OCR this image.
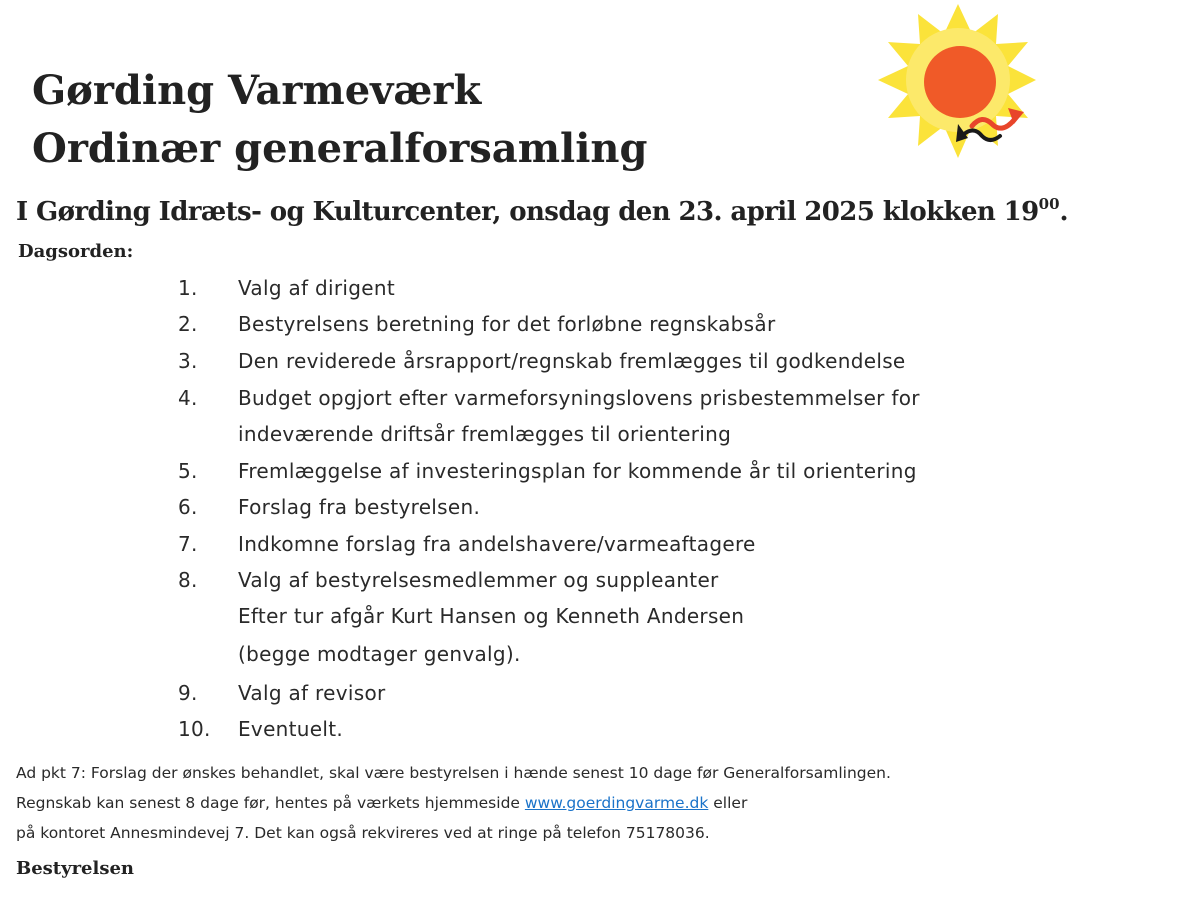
Gørding Varmeværk
Ordinær generalforsamling

I Gørding Idræts- og Kulturcenter, onsdag den 23. april 2025 klokken $19^{00}$.

Dagsorden:

1.	Valg af dirigent
2.	Bestyrelsens beretning for det forløbne regnskabsår
3.	Den reviderede årsrapport/regnskab fremlægges til godkendelse
4.	Budget opgjort efter varmeforsyningslovens prisbestemmelser for
indeværende driftsår fremlægges til orientering
5.	Fremlæggelse af investeringsplan for kommende år til orientering
6.	Forslag fra bestyrelsen.
7.	Indkomne forslag fra andelshavere/varmeaftagere
8.	Valg af bestyrelsesmedlemmer og suppleanter
Efter tur afgår Kurt Hansen og Kenneth Andersen
(begge modtager genvalg).
9.	Valg af revisor
10.	Eventuelt.

Ad pkt 7: Forslag der ønskes behandlet, skal være bestyrelsen i hænde senest 10 dage før Generalforsamlingen.

Regnskab kan senest 8 dage før, hentes på værkets hjemmeside www.goerdingvarme.dk eller

på kontoret Annesmindevej 7. Det kan også rekvireres ved at ringe på telefon 75178036.

Bestyrelsen
